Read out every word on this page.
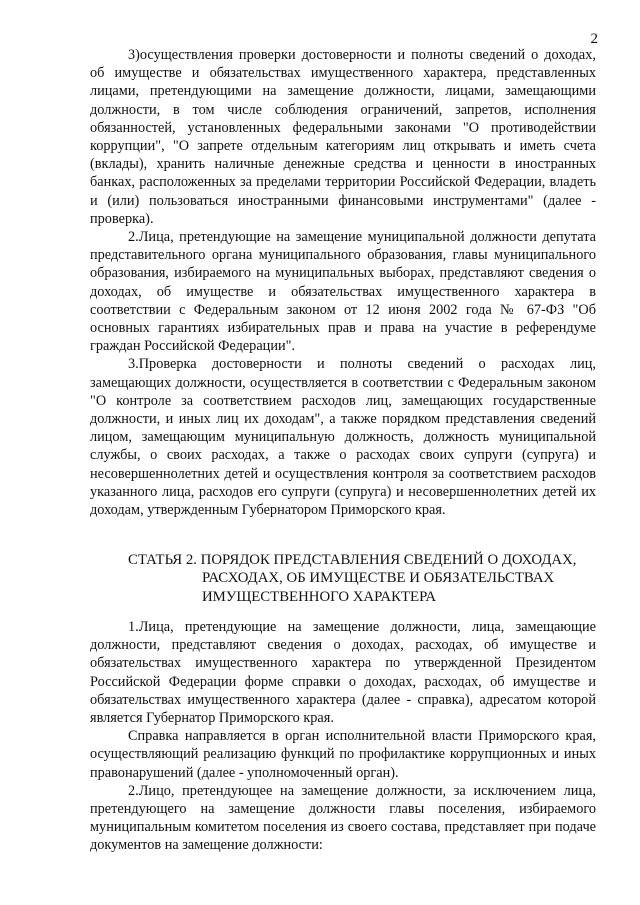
2

3)осуществления проверки достоверности и полноты сведений о доходах, об имуществе и обязательствах имущественного характера, представленных лицами, претендующими на замещение должности, лицами, замещающими должности, в том числе соблюдения ограничений, запретов, исполнения обязанностей, установленных федеральными законами "О противодействии коррупции", "О запрете отдельным категориям лиц открывать и иметь счета (вклады), хранить наличные денежные средства и ценности в иностранных банках, расположенных за пределами территории Российской Федерации, владеть и (или) пользоваться иностранными финансовыми инструментами" (далее - проверка).

2.Лица, претендующие на замещение муниципальной должности депутата представительного органа муниципального образования, главы муниципального образования, избираемого на муниципальных выборах, представляют сведения о доходах, об имуществе и обязательствах имущественного характера в соответствии с Федеральным законом от 12 июня 2002 года № 67-ФЗ "Об основных гарантиях избирательных прав и права на участие в референдуме граждан Российской Федерации".

3.Проверка достоверности и полноты сведений о расходах лиц, замещающих должности, осуществляется в соответствии с Федеральным законом "О контроле за соответствием расходов лиц, замещающих государственные должности, и иных лиц их доходам", а также порядком представления сведений лицом, замещающим муниципальную должность, должность муниципальной службы, о своих расходах, а также о расходах своих супруги (супруга) и несовершеннолетних детей и осуществления контроля за соответствием расходов указанного лица, расходов его супруги (супруга) и несовершеннолетних детей их доходам, утвержденным Губернатором Приморского края.

СТАТЬЯ 2. ПОРЯДОК ПРЕДСТАВЛЕНИЯ СВЕДЕНИЙ О ДОХОДАХ,
РАСХОДАХ, ОБ ИМУЩЕСТВЕ И ОБЯЗАТЕЛЬСТВАХ
ИМУЩЕСТВЕННОГО ХАРАКТЕРА

1.Лица, претендующие на замещение должности, лица, замещающие должности, представляют сведения о доходах, расходах, об имуществе и обязательствах имущественного характера по утвержденной Президентом Российской Федерации форме справки о доходах, расходах, об имуществе и обязательствах имущественного характера (далее - справка), адресатом которой является Губернатор Приморского края.

Справка направляется в орган исполнительной власти Приморского края, осуществляющий реализацию функций по профилактике коррупционных и иных правонарушений (далее - уполномоченный орган).

2.Лицо, претендующее на замещение должности, за исключением лица, претендующего на замещение должности главы поселения, избираемого муниципальным комитетом поселения из своего состава, представляет при подаче документов на замещение должности:
